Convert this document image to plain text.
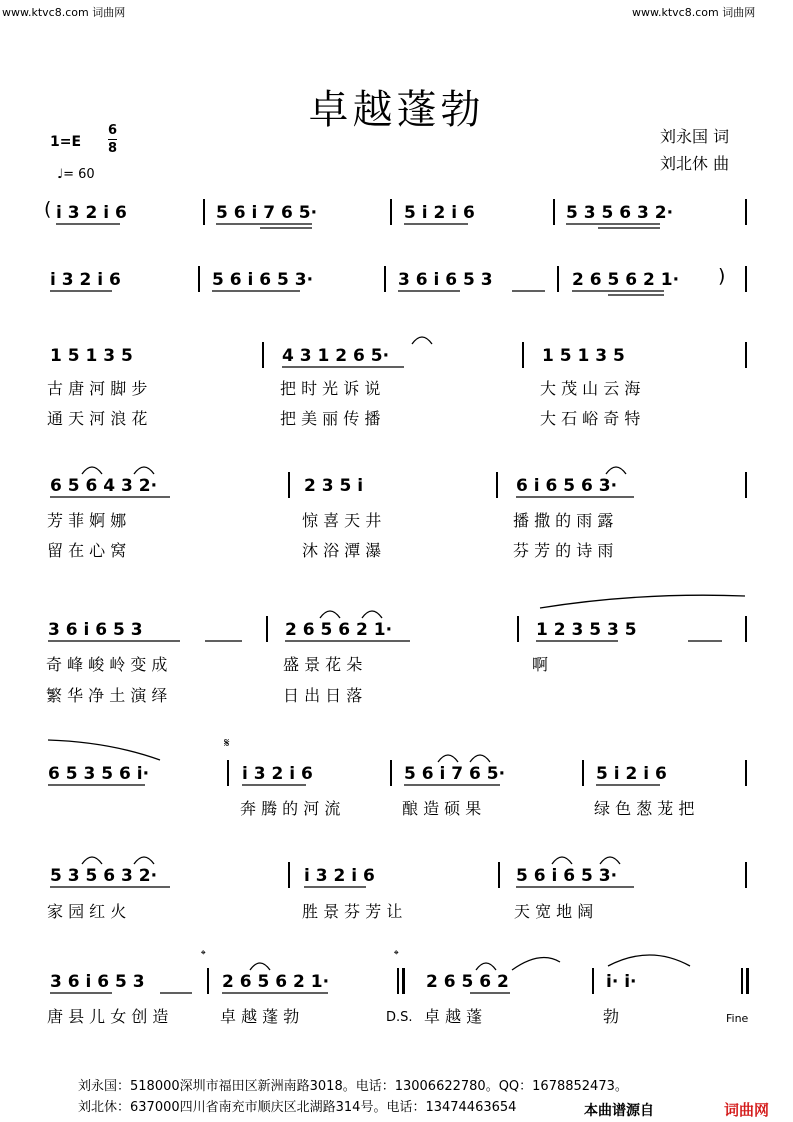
www.ktvc8.com 词曲网	www.ktvc8.com 词曲网
卓越蓬勃
1=E
6
8
♩= 60
刘永国 词
刘北休 曲
( i 3 2 i 6	5 6 i 7 6 5·	5 i 2 i 6	5 3 5 6 3 2·
i 3 2 i 6	5 6 i 6 5 3·	3 6 i 6 5 3	2 6 5 6 2 1· )
1 5 1 3 5	4 3 1 2 6 5·	1 5 1 3 5
古 唐 河 脚 步	把 时 光 诉 说	大 茂 山 云 海
通 天 河 浪 花	把 美 丽 传 播	大 石 峪 奇 特
6 5 6 4 3 2·	2 3 5 i	6 i 6 5 6 3·
芳 菲 婀 娜	惊 喜 天 井	播 撒 的 雨 露
留 在 心 窝	沐 浴 潭 瀑	芬 芳 的 诗 雨
3 6 i 6 5 3	2 6 5 6 2 1·	1 2 3 5 3 5
奇 峰 峻 岭 变 成	盛 景 花 朵	啊
繁 华 净 土 演 绎	日 出 日 落
𝄋
6 5 3 5 6 i·	i 3 2 i 6	5 6 i 7 6 5·	5 i 2 i 6
奔 腾 的 河 流	酿 造 硕 果	绿 色 葱 茏 把
5 3 5 6 3 2·	i 3 2 i 6	5 6 i 6 5 3·
家 园 红 火	胜 景 芬 芳 让	天 宽 地 阔
𝄌	𝄌
3 6 i 6 5 3	2 6 5 6 2 1·	2 6 5 6 2	i· i·
唐 县 儿 女 创 造	卓 越 蓬 勃	D.S. 卓 越 蓬	勃	Fine
刘永国：518000深圳市福田区新洲南路3018。电话：13006622780。QQ：1678852473。
刘北休：637000四川省南充市顺庆区北湖路314号。电话：13474463654	本曲谱源自	词曲网
